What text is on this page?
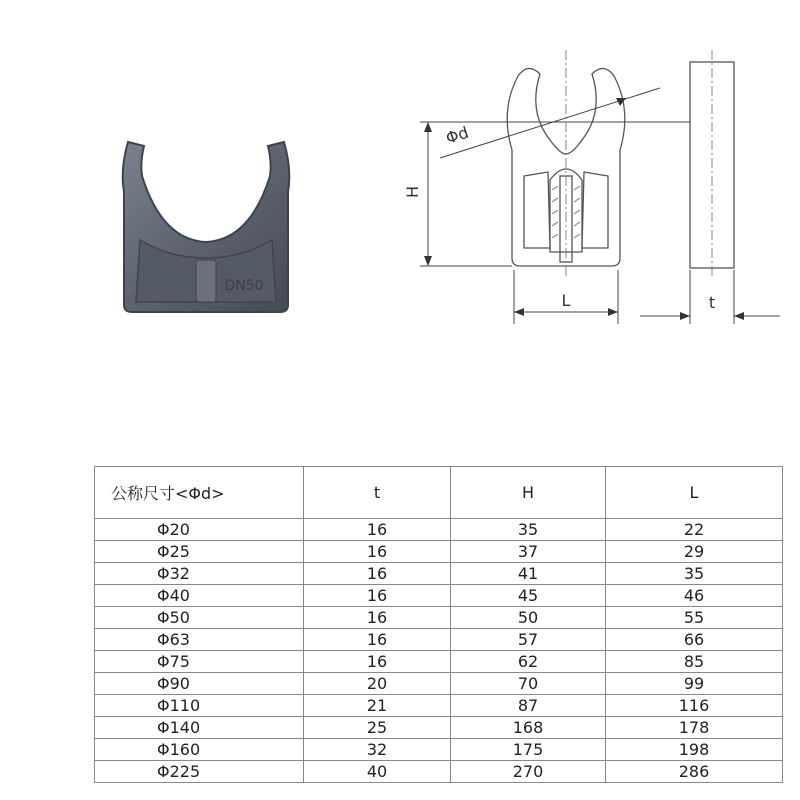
DN50
Φd
H
L	t
公称尺寸<Φd>	t	H	L
Φ20	16	35	22
Φ25	16	37	29
Φ32	16	41	35
Φ40	16	45	46
Φ50	16	50	55
Φ63	16	57	66
Φ75	16	62	85
Φ90	20	70	99
Φ110	21	87	116
Φ140	25	168	178
Φ160	32	175	198
Φ225	40	270	286
